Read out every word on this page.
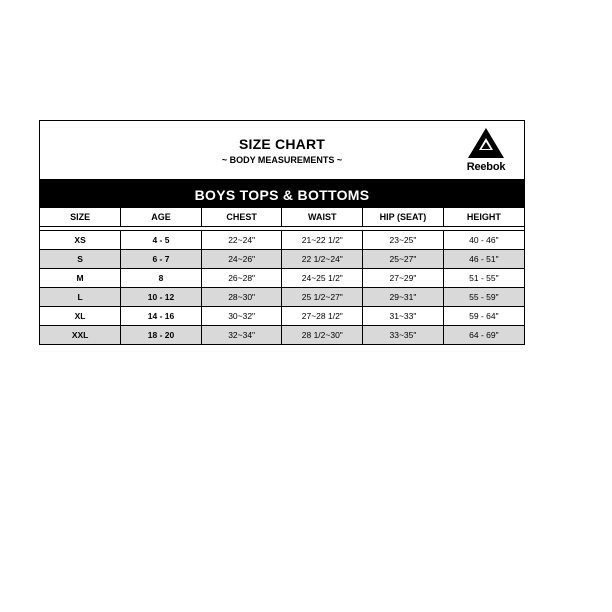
SIZE CHART
~ BODY MEASUREMENTS ~
Reebok
BOYS TOPS & BOTTOMS
SIZE	AGE	CHEST	WAIST	HIP (SEAT)	HEIGHT

XS	4 - 5	22~24"	21~22 1/2"	23~25"	40 - 46"
S	6 - 7	24~26"	22 1/2~24"	25~27"	46 - 51"
M	8	26~28"	24~25 1/2"	27~29"	51 - 55"
L	10 - 12	28~30"	25 1/2~27"	29~31"	55 - 59"
XL	14 - 16	30~32"	27~28 1/2"	31~33"	59 - 64"
XXL	18 - 20	32~34"	28 1/2~30"	33~35"	64 - 69"
